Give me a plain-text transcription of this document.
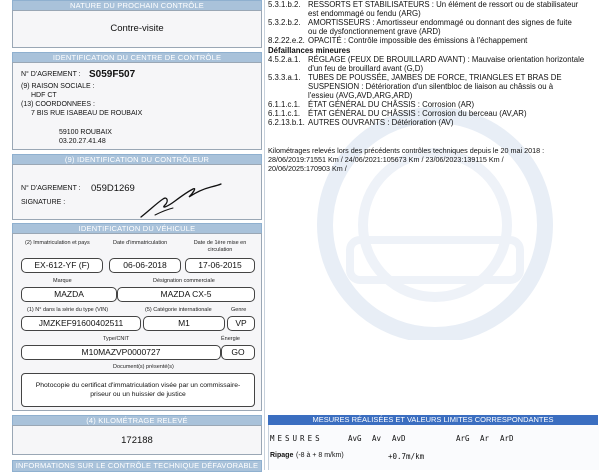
NATURE DU PROCHAIN CONTRÔLE
Contre-visite
IDENTIFICATION DU CENTRE DE CONTRÔLE
N° D'AGREMENT : S059F507
(9) RAISON SOCIALE :
HDF CT
(13) COORDONNEES :
7 BIS RUE ISABEAU DE ROUBAIX
59100 ROUBAIX
03.20.27.41.48
(9) IDENTIFICATION DU CONTRÔLEUR
N° D'AGREMENT : 059D1269
SIGNATURE :
IDENTIFICATION DU VÉHICULE
(2) Immatriculation et pays	Date d'immatriculation	Date de 1ère mise en circulation
EX-612-YF (F)	06-06-2018	17-06-2015
Marque	Désignation commerciale
MAZDA	MAZDA CX-5
(1) N° dans la série du type (VIN)	(5) Catégorie internationale	Genre
JMZKEF91600402511	M1	VP
Type/CNIT	Énergie
M10MAZVP0000727	GO
Document(s) présenté(s)
Photocopie du certificat d'immatriculation visée par un commissaire-priseur ou un huissier de justice
(4) KILOMÉTRAGE RELEVÉ
172188
INFORMATIONS SUR LE CONTRÔLE TECHNIQUE DÉFAVORABLE
5.3.1.b.2. RESSORTS ET STABILISATEURS : Un élément de ressort ou de stabilisateur
est endommagé ou fendu (ARG)
5.3.2.b.2. AMORTISSEURS : Amortisseur endommagé ou donnant des signes de fuite
ou de dysfonctionnement grave (ARD)
8.2.22.e.2. OPACITÉ : Contrôle impossible des émissions à l'échappement
Défaillances mineures
4.5.2.a.1. RÉGLAGE (FEUX DE BROUILLARD AVANT) : Mauvaise orientation horizontale
d'un feu de brouillard avant (G,D)
5.3.3.a.1. TUBES DE POUSSÉE, JAMBES DE FORCE, TRIANGLES ET BRAS DE
SUSPENSION : Détérioration d'un silentbloc de liaison au châssis ou à
l'essieu (AVG,AVD,ARG,ARD)
6.1.1.c.1. ÉTAT GÉNÉRAL DU CHÂSSIS : Corrosion (AR)
6.1.1.c.1. ÉTAT GÉNÉRAL DU CHÂSSIS : Corrosion du berceau (AV,AR)
6.2.13.b.1. AUTRES OUVRANTS : Détérioration (AV)
Kilométrages relevés lors des précédents contrôles techniques depuis le 20 mai 2018 :
28/06/2019:71551 Km / 24/06/2021:105673 Km / 23/06/2023:139115 Km /
20/06/2025:170903 Km /
MESURES RÉALISÉES ET VALEURS LIMITES CORRESPONDANTES
MESURES	AvG Av AvD	ArG Ar ArD
Ripage (-8 à + 8 m/km)	+0.7m/km
